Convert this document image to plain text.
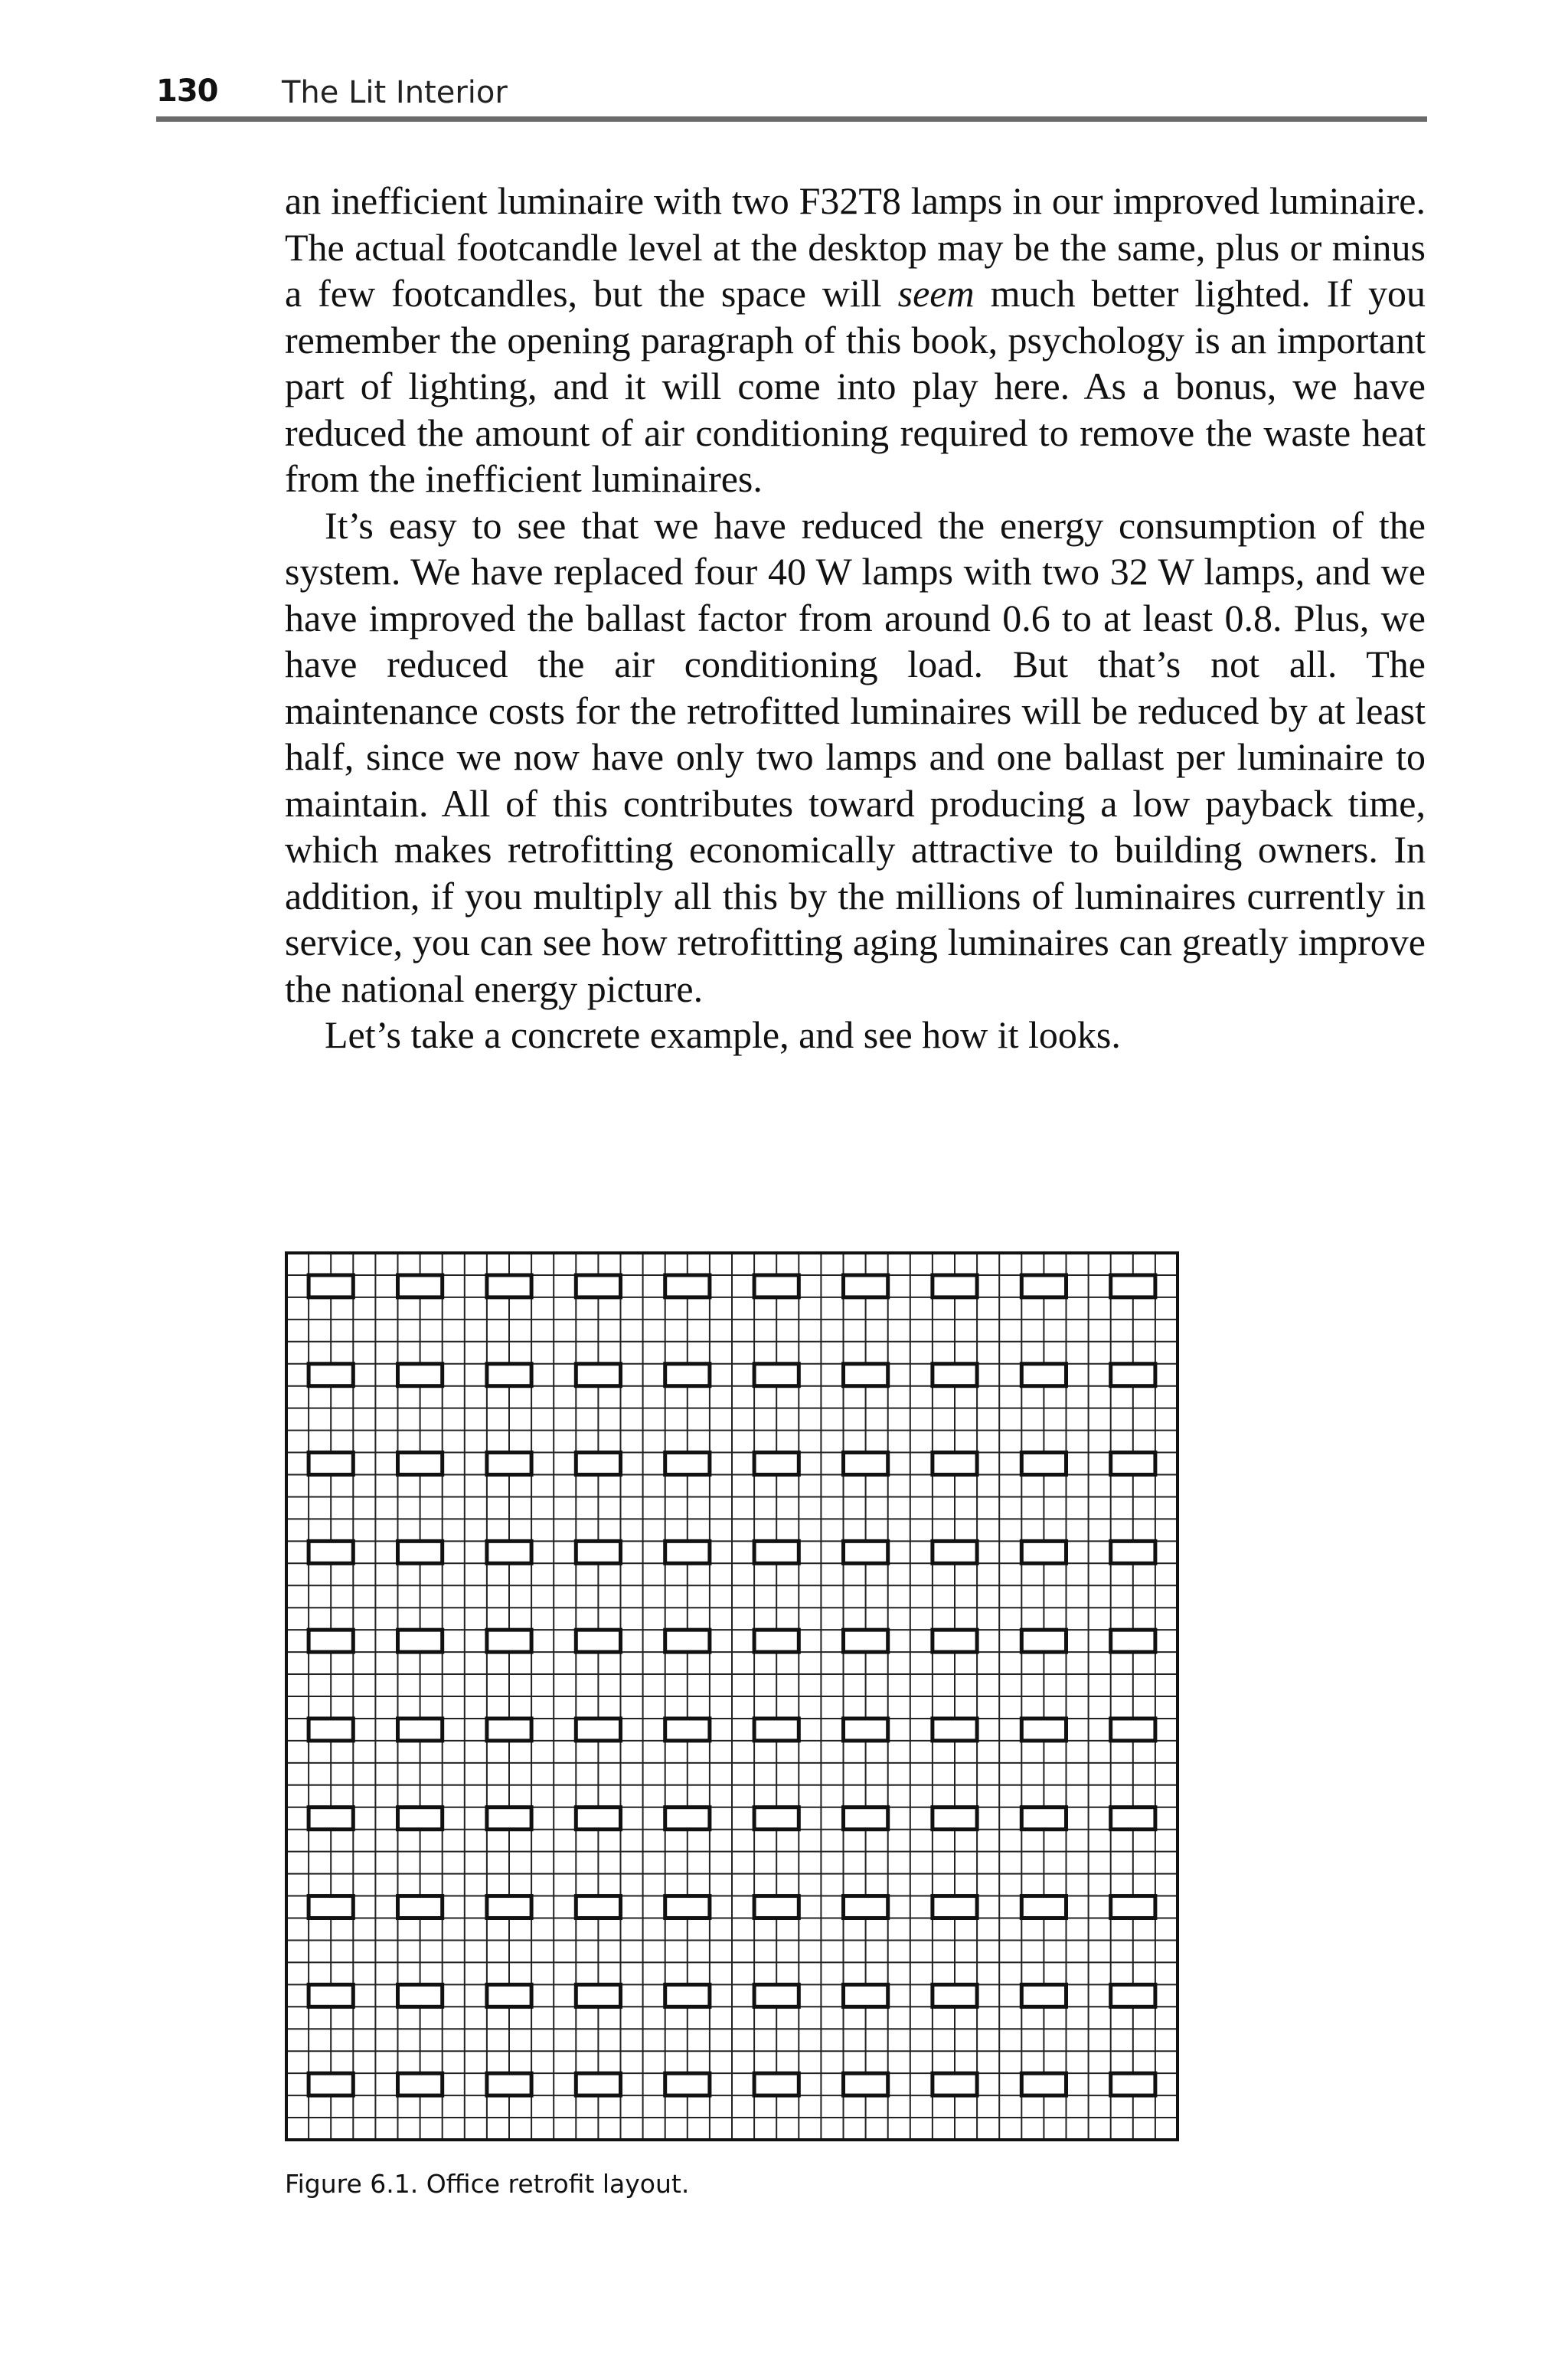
130 The Lit Interior

an inefficient luminaire with two F32T8 lamps in our improved luminaire. The actual footcandle level at the desktop may be the same, plus or minus a few footcandles, but the space will seem much better lighted. If you remember the opening paragraph of this book, psychology is an important part of lighting, and it will come into play here. As a bonus, we have reduced the amount of air conditioning required to remove the waste heat from the inefficient luminaires.

It’s easy to see that we have reduced the energy consumption of the system. We have replaced four 40 W lamps with two 32 W lamps, and we have improved the ballast factor from around 0.6 to at least 0.8. Plus, we have reduced the air conditioning load. But that’s not all. The maintenance costs for the retrofitted luminaires will be reduced by at least half, since we now have only two lamps and one ballast per luminaire to maintain. All of this contributes toward producing a low payback time, which makes retrofitting economically attractive to building owners. In addition, if you multiply all this by the millions of luminaires currently in service, you can see how retrofitting aging luminaires can greatly improve the national energy picture.

Let’s take a concrete example, and see how it looks.

Figure 6.1. Office retrofit layout.
